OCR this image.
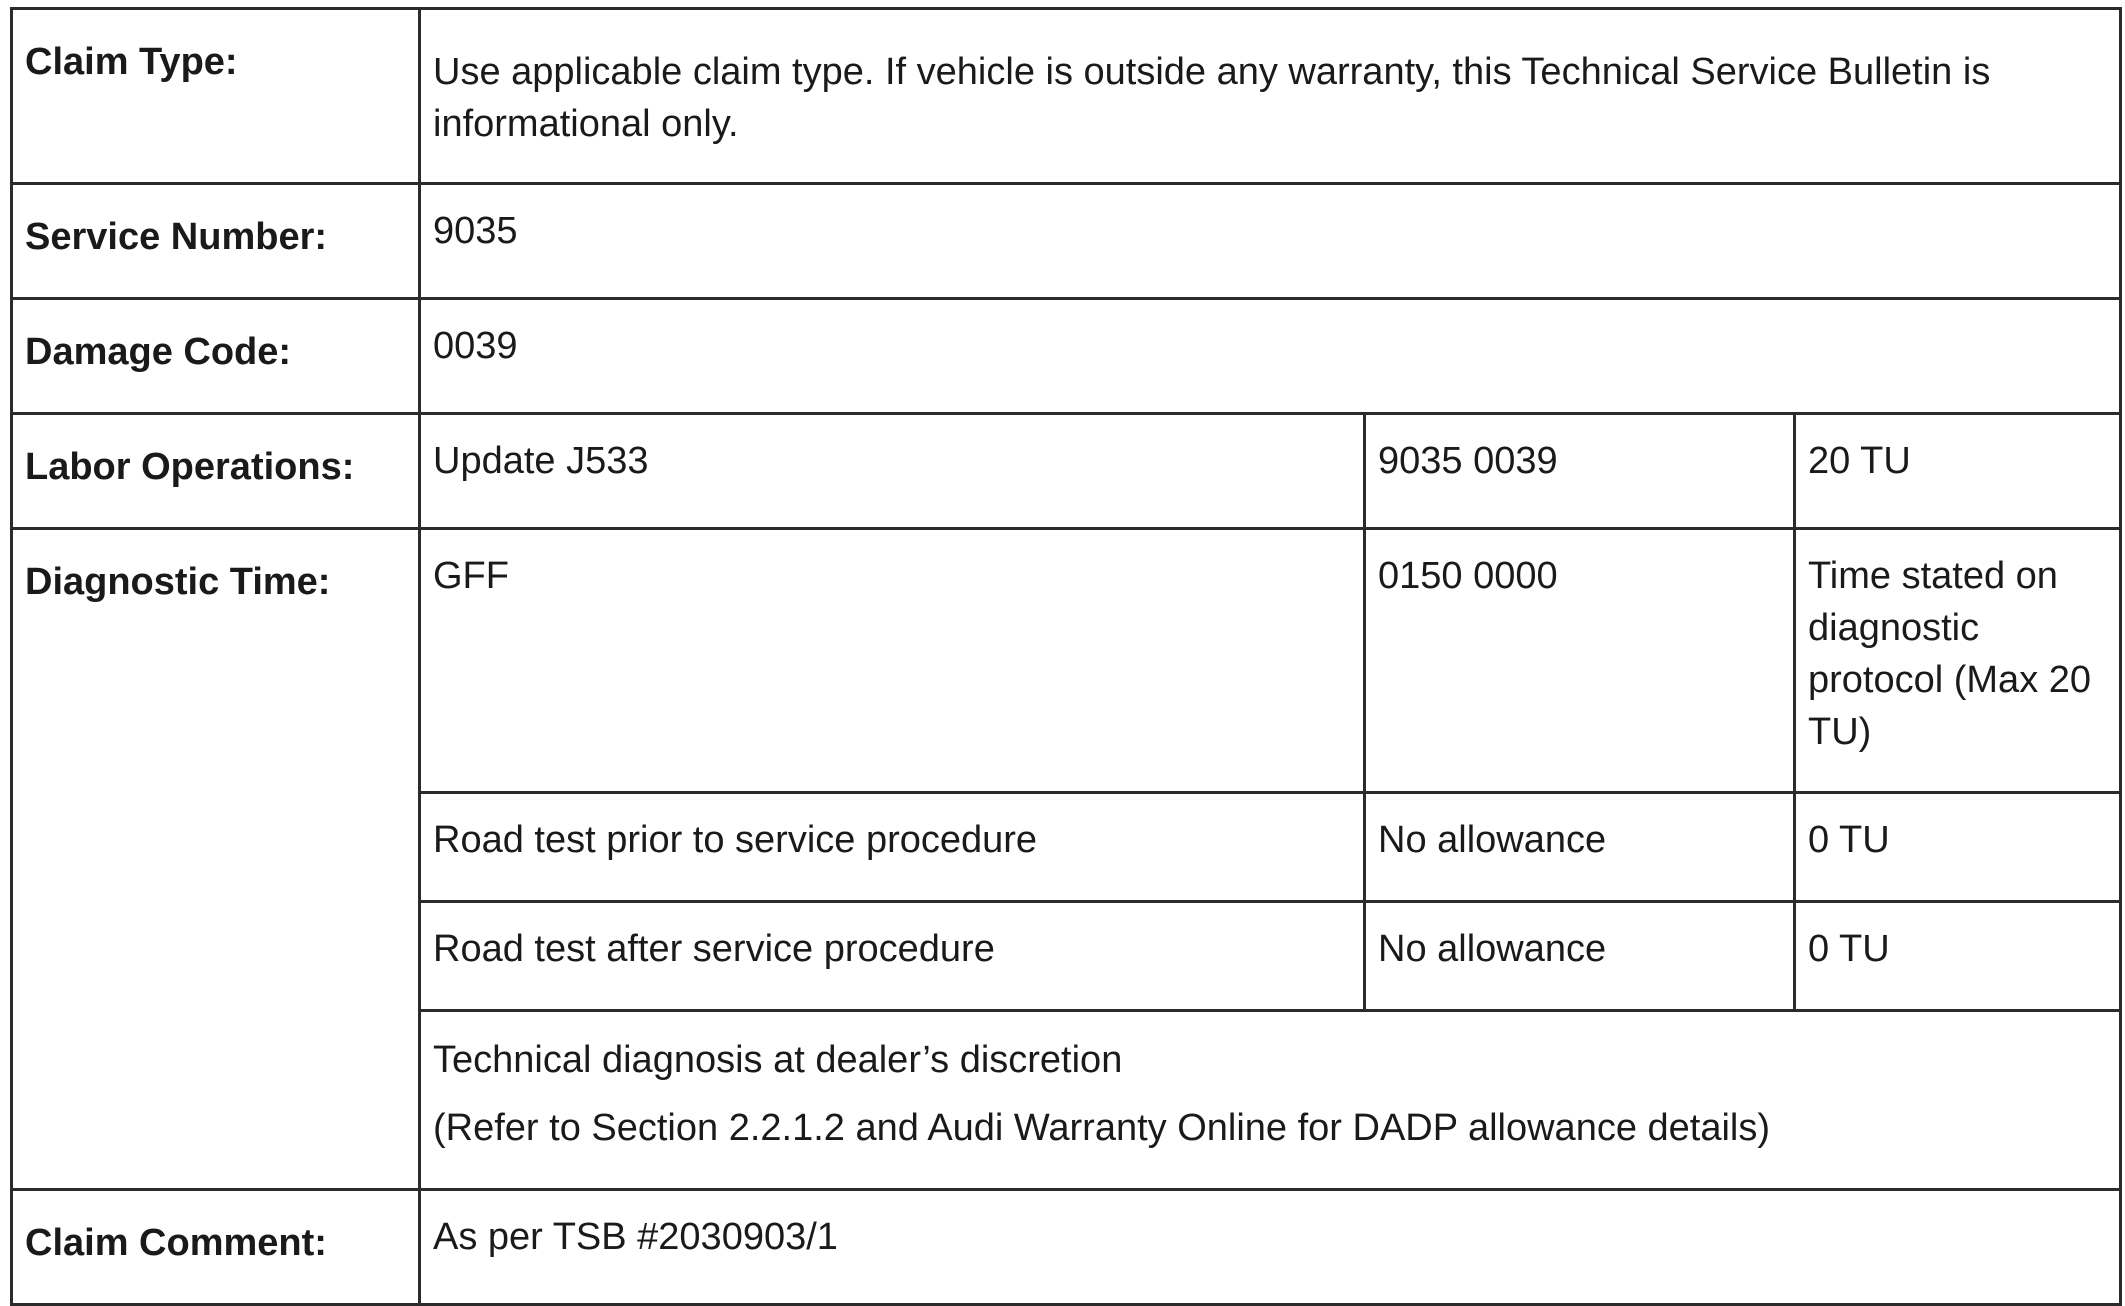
Claim Type:	Use applicable claim type. If vehicle is outside any warranty, this Technical Service Bulletin is informational only.		
Service Number:	9035		
Damage Code:	0039		
Labor Operations:	Update J533	9035 0039	20 TU
Diagnostic Time:	GFF	0150 0000	Time stated on diagnostic protocol (Max 20 TU)
	Road test prior to service procedure	No allowance	0 TU
	Road test after service procedure	No allowance	0 TU
	Technical diagnosis at dealer’s discretion
(Refer to Section 2.2.1.2 and Audi Warranty Online for DADP allowance details)		

Claim Comment:	As per TSB #2030903/1		
